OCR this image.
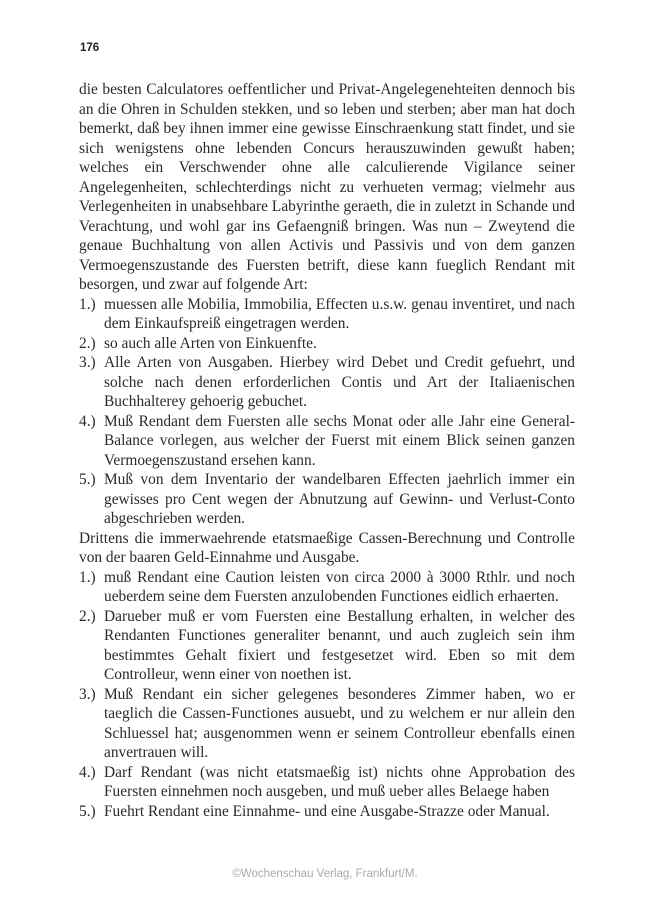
176

die besten Calculatores oeffentlicher und Privat-Angelegenehteiten dennoch bis an die Ohren in Schulden stekken, und so leben und sterben; aber man hat doch bemerkt, daß bey ihnen immer eine gewisse Einschraenkung statt findet, und sie sich wenigstens ohne lebenden Concurs herauszuwinden gewußt haben; welches ein Verschwender ohne alle calculierende Vigilance seiner Angelegenheiten, schlechterdings nicht zu verhueten vermag; vielmehr aus Verlegenheiten in unabsehbare Labyrinthe geraeth, die in zuletzt in Schande und Verachtung, und wohl gar ins Gefaengniß bringen. Was nun – Zweytend die genaue Buchhaltung von allen Activis und Passivis und von dem ganzen Vermoegenszustande des Fuersten betrift, diese kann fueglich Rendant mit besorgen, und zwar auf folgende Art:

1.) muessen alle Mobilia, Immobilia, Effecten u.s.w. genau inventiret, und nach dem Einkaufspreiß eingetragen werden.
2.) so auch alle Arten von Einkuenfte.
3.) Alle Arten von Ausgaben. Hierbey wird Debet und Credit gefuehrt, und solche nach denen erforderlichen Contis und Art der Italiaenischen Buchhalterey gehoerig gebuchet.
4.) Muß Rendant dem Fuersten alle sechs Monat oder alle Jahr eine General-Balance vorlegen, aus welcher der Fuerst mit einem Blick seinen ganzen Vermoegenszustand ersehen kann.
5.) Muß von dem Inventario der wandelbaren Effecten jaehrlich immer ein gewisses pro Cent wegen der Abnutzung auf Gewinn- und Verlust-Conto abgeschrieben werden.

Drittens die immerwaehrende etatsmaeßige Cassen-Berechnung und Controlle von der baaren Geld-Einnahme und Ausgabe.

1.) muß Rendant eine Caution leisten von circa 2000 à 3000 Rthlr. und noch ueberdem seine dem Fuersten anzulobenden Functiones eidlich erhaerten.
2.) Darueber muß er vom Fuersten eine Bestallung erhalten, in welcher des Rendanten Functiones generaliter benannt, und auch zugleich sein ihm bestimmtes Gehalt fixiert und festgesetzet wird. Eben so mit dem Controlleur, wenn einer von noethen ist.
3.) Muß Rendant ein sicher gelegenes besonderes Zimmer haben, wo er taeglich die Cassen-Functiones ausuebt, und zu welchem er nur allein den Schluessel hat; ausgenommen wenn er seinem Controlleur ebenfalls einen anvertrauen will.
4.) Darf Rendant (was nicht etatsmaeßig ist) nichts ohne Approbation des Fuersten einnehmen noch ausgeben, und muß ueber alles Belaege haben
5.) Fuehrt Rendant eine Einnahme- und eine Ausgabe-Strazze oder Manual.
©Wochenschau Verlag, Frankfurt/M.
